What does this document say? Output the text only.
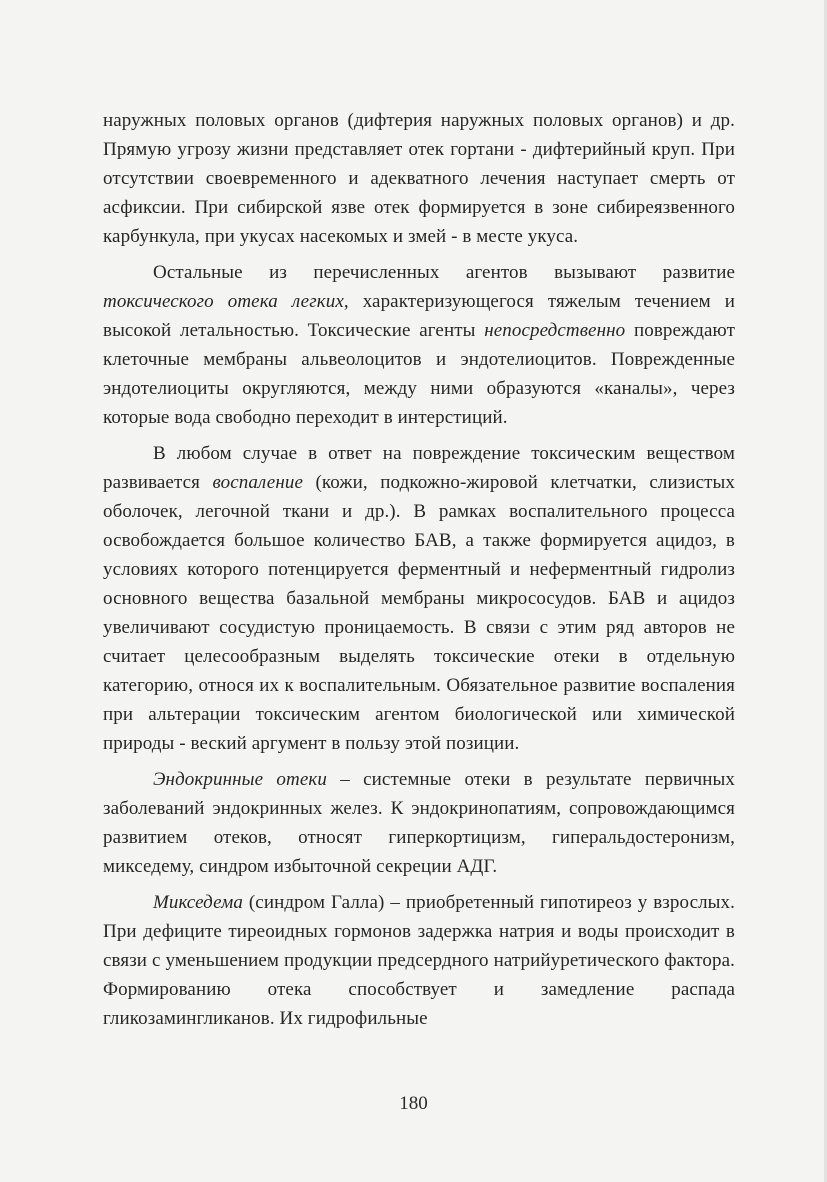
наружных половых органов (дифтерия наружных половых органов) и др. Прямую угрозу жизни представляет отек гортани - дифтерийный круп. При отсутствии своевременного и адекватного лечения наступает смерть от асфиксии. При сибирской язве отек формируется в зоне сибиреязвенного карбункула, при укусах насекомых и змей - в месте укуса.

Остальные из перечисленных агентов вызывают развитие токсического отека легких, характеризующегося тяжелым течением и высокой летальностью. Токсические агенты непосредственно повреждают клеточные мембраны альвеолоцитов и эндотелиоцитов. Поврежденные эндотелиоциты округляются, между ними образуются «каналы», через которые вода свободно переходит в интерстиций.

В любом случае в ответ на повреждение токсическим веществом развивается воспаление (кожи, подкожно-жировой клетчатки, слизистых оболочек, легочной ткани и др.). В рамках воспалительного процесса освобождается большое количество БАВ, а также формируется ацидоз, в условиях которого потенцируется ферментный и неферментный гидролиз основного вещества базальной мембраны микрососудов. БАВ и ацидоз увеличивают сосудистую проницаемость. В связи с этим ряд авторов не считает целесообразным выделять токсические отеки в отдельную категорию, относя их к воспалительным. Обязательное развитие воспаления при альтерации токсическим агентом биологической или химической природы - веский аргумент в пользу этой позиции.

Эндокринные отеки – системные отеки в результате первичных заболеваний эндокринных желез. К эндокринопатиям, сопровождающимся развитием отеков, относят гиперкортицизм, гиперальдостеронизм, микседему, синдром избыточной секреции АДГ.

Микседема (синдром Галла) – приобретенный гипотиреоз у взрослых. При дефиците тиреоидных гормонов задержка натрия и воды происходит в связи с уменьшением продукции предсердного натрийуретического фактора. Формированию отека способствует и замедление распада гликозамингликанов. Их гидрофильные

180
